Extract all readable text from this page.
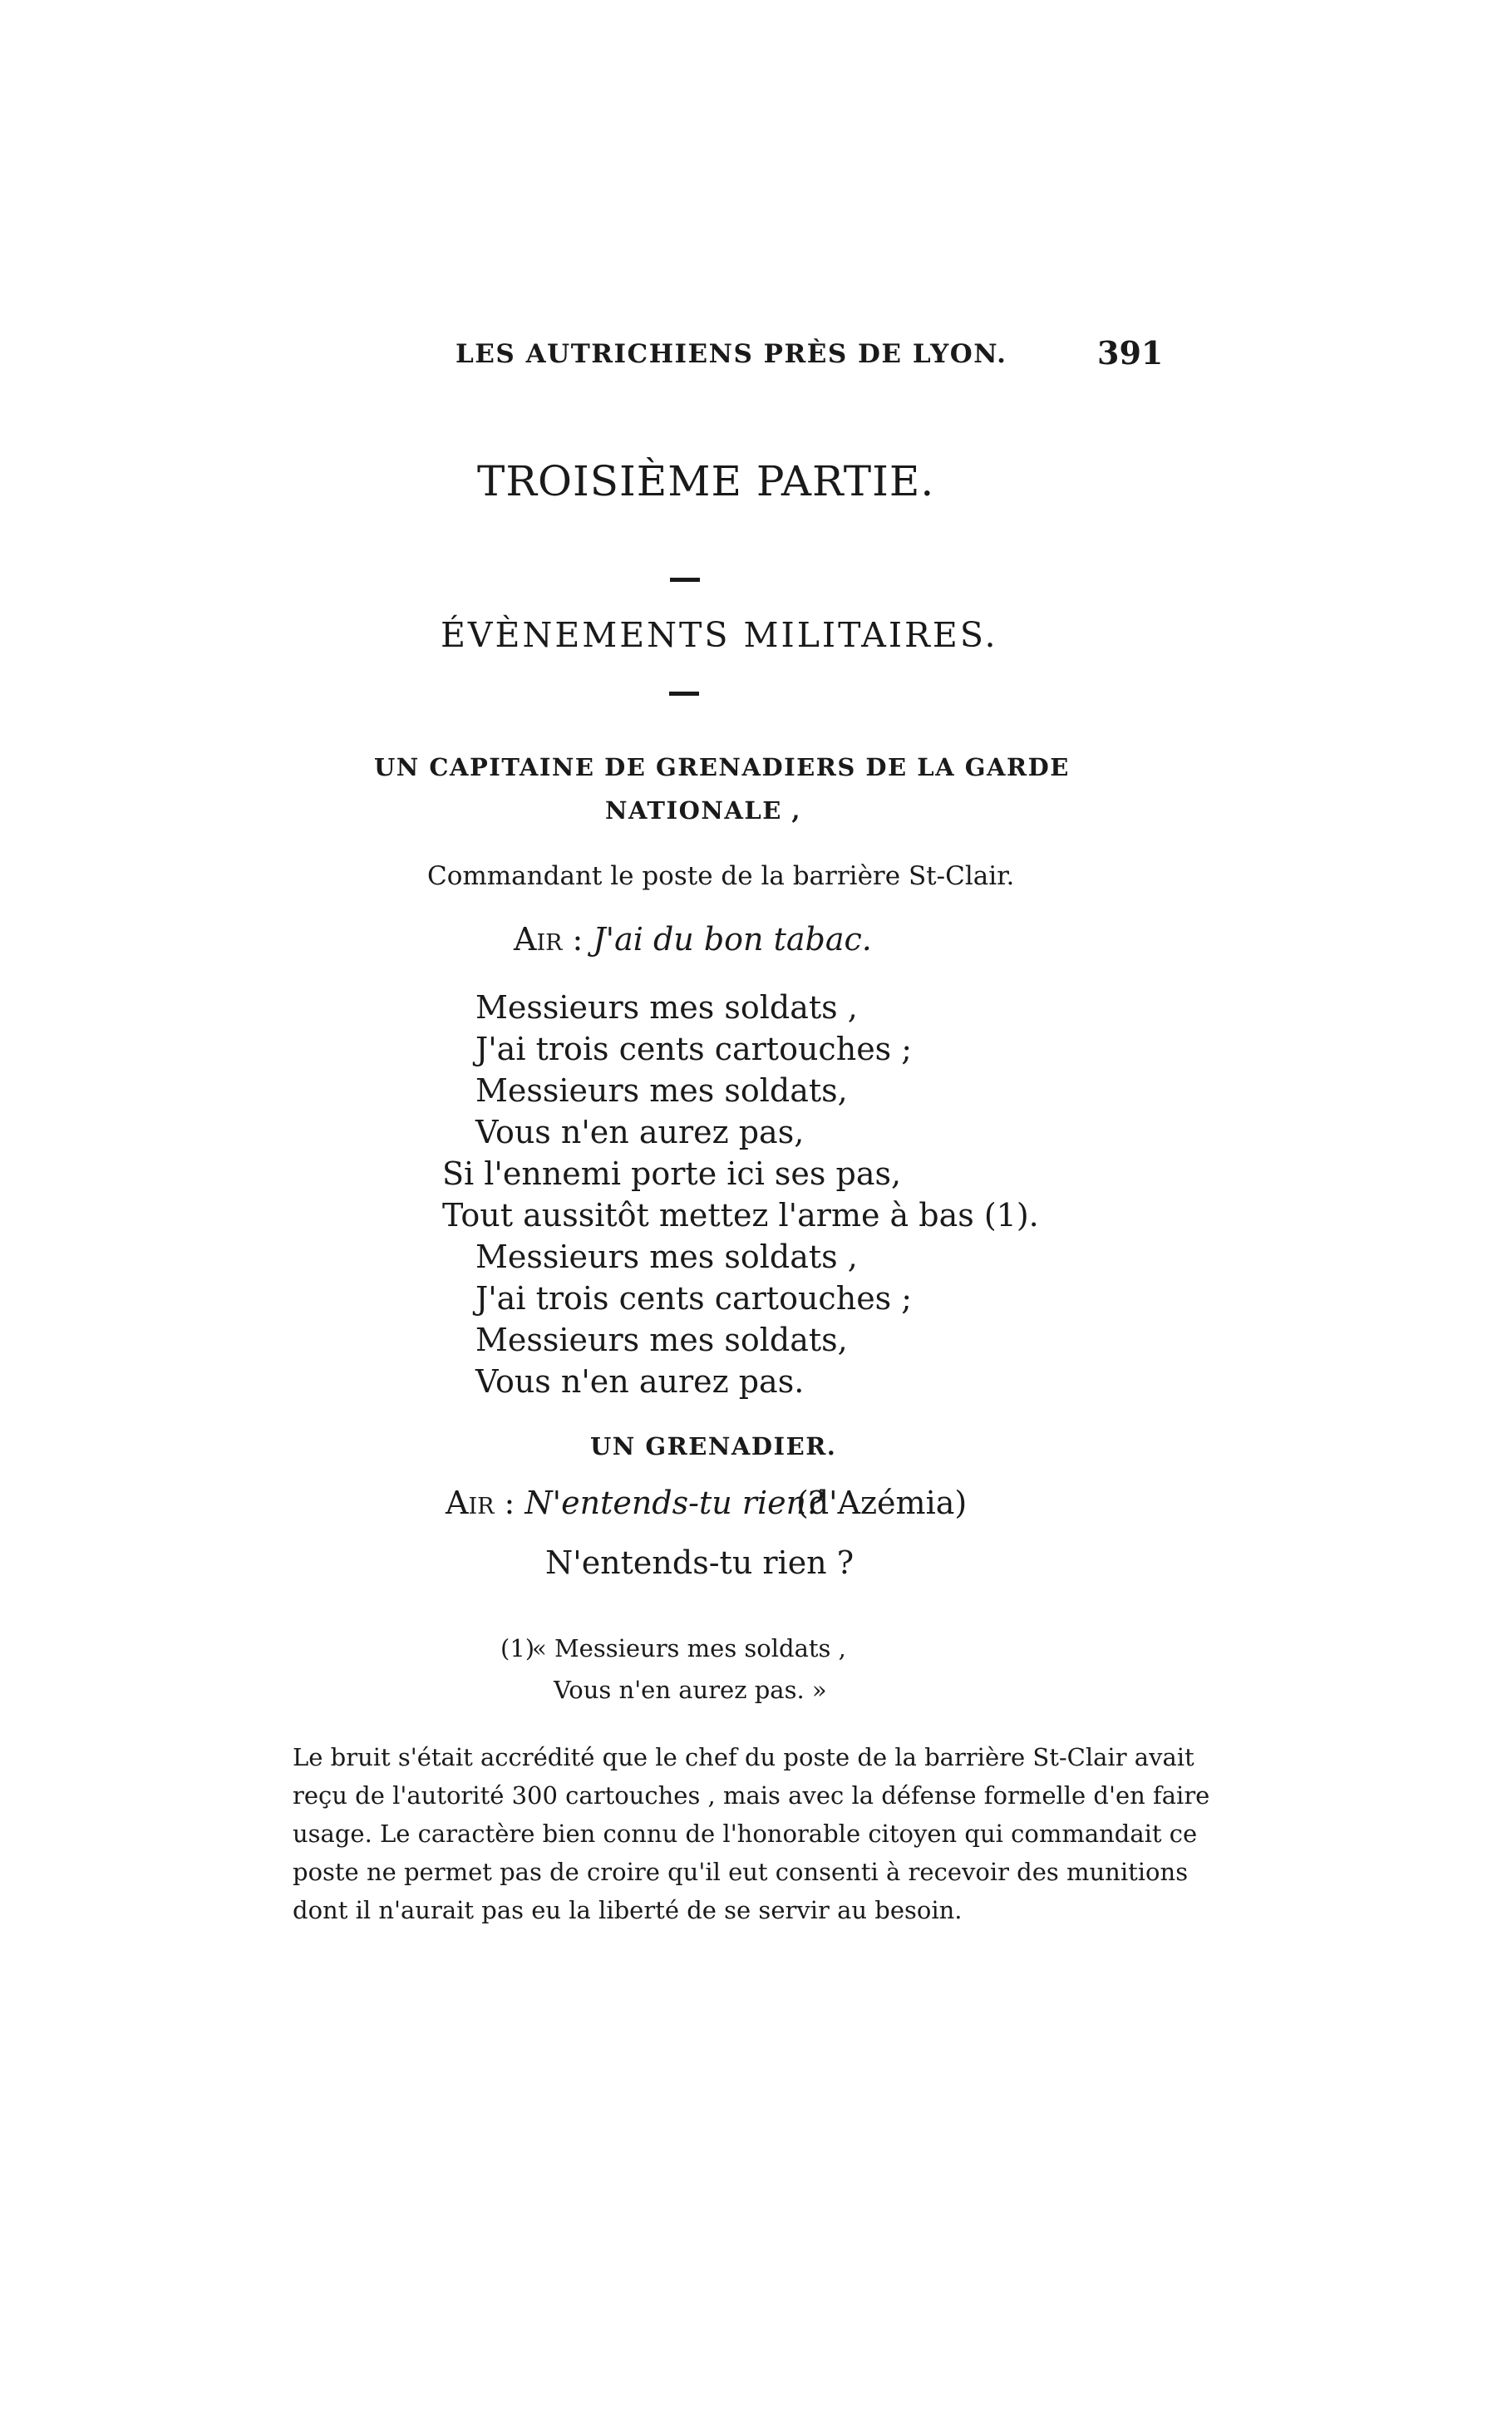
LES AUTRICHIENS PRÈS DE LYON.	391
TROISIÈME PARTIE.
ÉVÈNEMENTS MILITAIRES.
UN CAPITAINE DE GRENADIERS DE LA GARDE
NATIONALE ,
Commandant le poste de la barrière St-Clair.
Air : J'ai du bon tabac.
Messieurs mes soldats ,
J'ai trois cents cartouches ;
Messieurs mes soldats,
Vous n'en aurez pas,
Si l'ennemi porte ici ses pas,
Tout aussitôt mettez l'arme à bas (1).
Messieurs mes soldats ,
J'ai trois cents cartouches ;
Messieurs mes soldats,
Vous n'en aurez pas.
UN GRENADIER.
Air : N'entends-tu rien?
(d'Azémia)
N'entends-tu rien ?
(1)
« Messieurs mes soldats ,
Vous n'en aurez pas. »
Le bruit s'était accrédité que le chef du poste de la barrière St-Clair avait
reçu de l'autorité 300 cartouches , mais avec la défense formelle d'en faire
usage. Le caractère bien connu de l'honorable citoyen qui commandait ce
poste ne permet pas de croire qu'il eut consenti à recevoir des munitions
dont il n'aurait pas eu la liberté de se servir au besoin.
